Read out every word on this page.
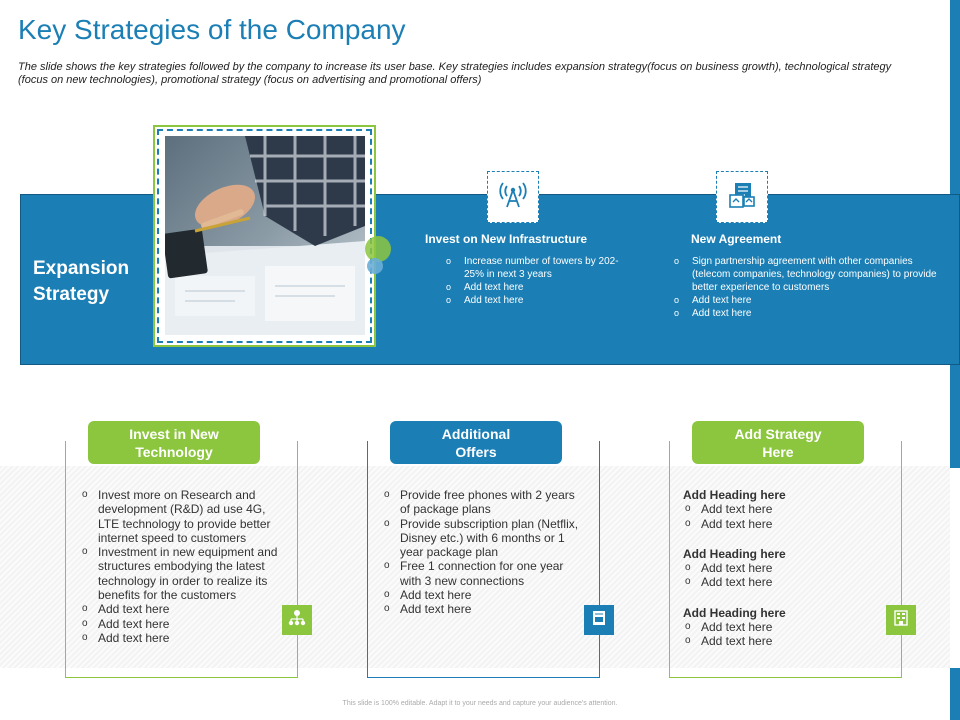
Key Strategies of the Company
The slide shows the key strategies followed by the company to increase its user base. Key strategies includes expansion strategy(focus on business growth), technological strategy (focus on new technologies), promotional strategy (focus on advertising and promotional offers)
Expansion
Strategy
Invest on New Infrastructure
o Increase number of towers by 202-25% in next 3 years
o Add text here
o Add text here
New Agreement
o Sign partnership agreement with other companies (telecom companies, technology companies) to provide better experience to customers
o Add text here
o Add text here
Invest in New
Technology
o Invest more on Research and development (R&D) ad use 4G, LTE technology to provide better internet speed to customers
o Investment in new equipment and structures embodying the latest technology in order to realize its benefits for the customers
o Add text here
o Add text here
o Add text here
Additional
Offers
o Provide free phones with 2 years of package plans
o Provide subscription plan (Netflix, Disney etc.) with 6 months or 1 year package plan
o Free 1 connection for one year with 3 new connections
o Add text here
o Add text here
Add Strategy
Here
Add Heading here
o Add text here
o Add text here
Add Heading here
o Add text here
o Add text here
Add Heading here
o Add text here
o Add text here
This slide is 100% editable. Adapt it to your needs and capture your audience's attention.
